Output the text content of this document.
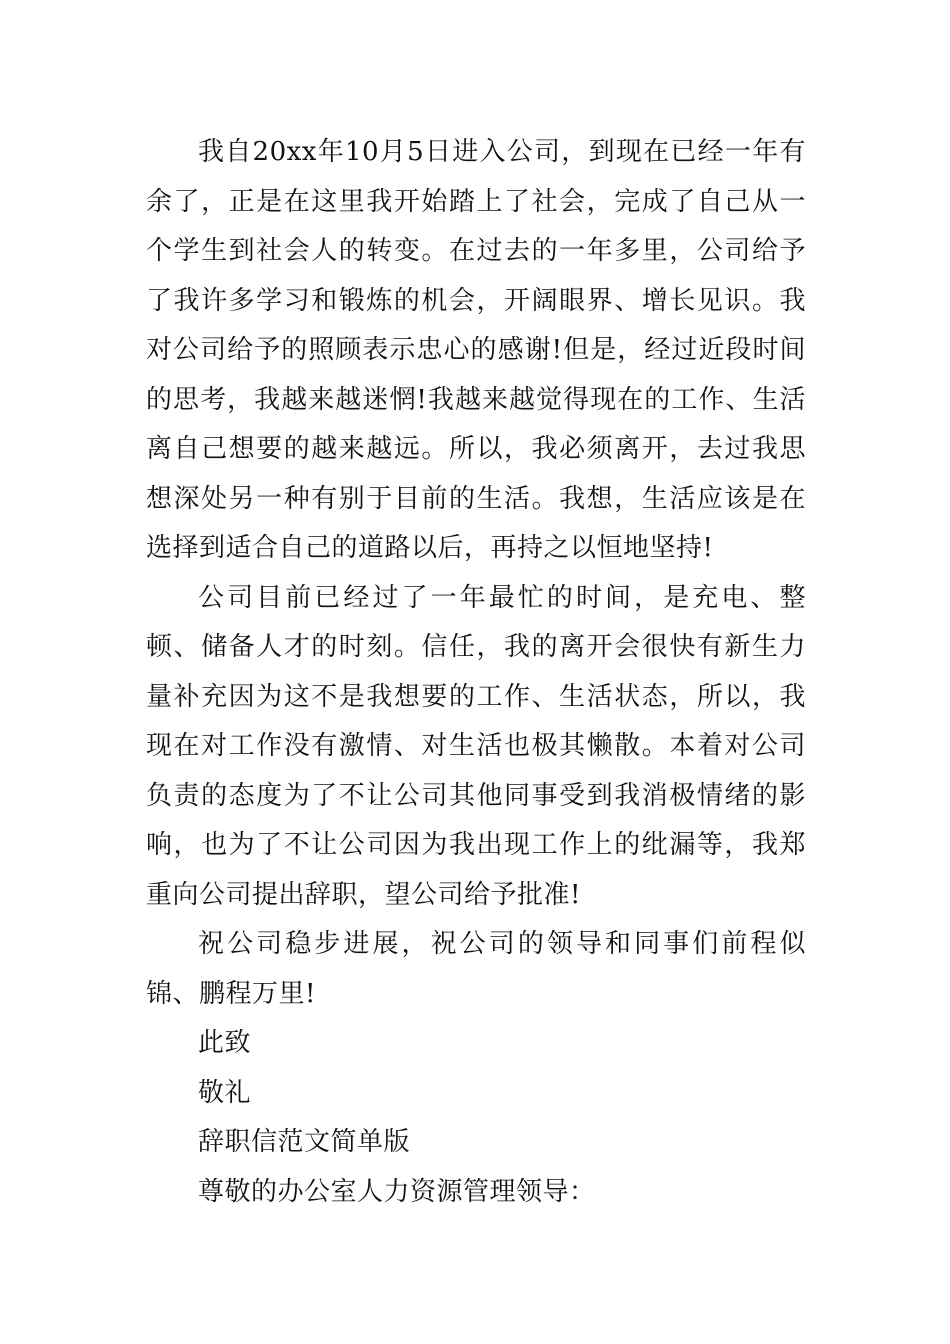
我自20xx年10月5日进入公司，到现在已经一年有余了，正是在这里我开始踏上了社会，完成了自己从一个学生到社会人的转变。在过去的一年多里，公司给予了我许多学习和锻炼的机会，开阔眼界、增长见识。我对公司给予的照顾表示忠心的感谢!但是，经过近段时间的思考，我越来越迷惘!我越来越觉得现在的工作、生活离自己想要的越来越远。所以，我必须离开，去过我思想深处另一种有别于目前的生活。我想，生活应该是在选择到适合自己的道路以后，再持之以恒地坚持!

公司目前已经过了一年最忙的时间，是充电、整顿、储备人才的时刻。信任，我的离开会很快有新生力量补充因为这不是我想要的工作、生活状态，所以，我现在对工作没有激情、对生活也极其懒散。本着对公司负责的态度为了不让公司其他同事受到我消极情绪的影响，也为了不让公司因为我出现工作上的纰漏等，我郑重向公司提出辞职，望公司给予批准!

祝公司稳步进展，祝公司的领导和同事们前程似锦、鹏程万里!

此致

敬礼

辞职信范文简单版

尊敬的办公室人力资源管理领导：
